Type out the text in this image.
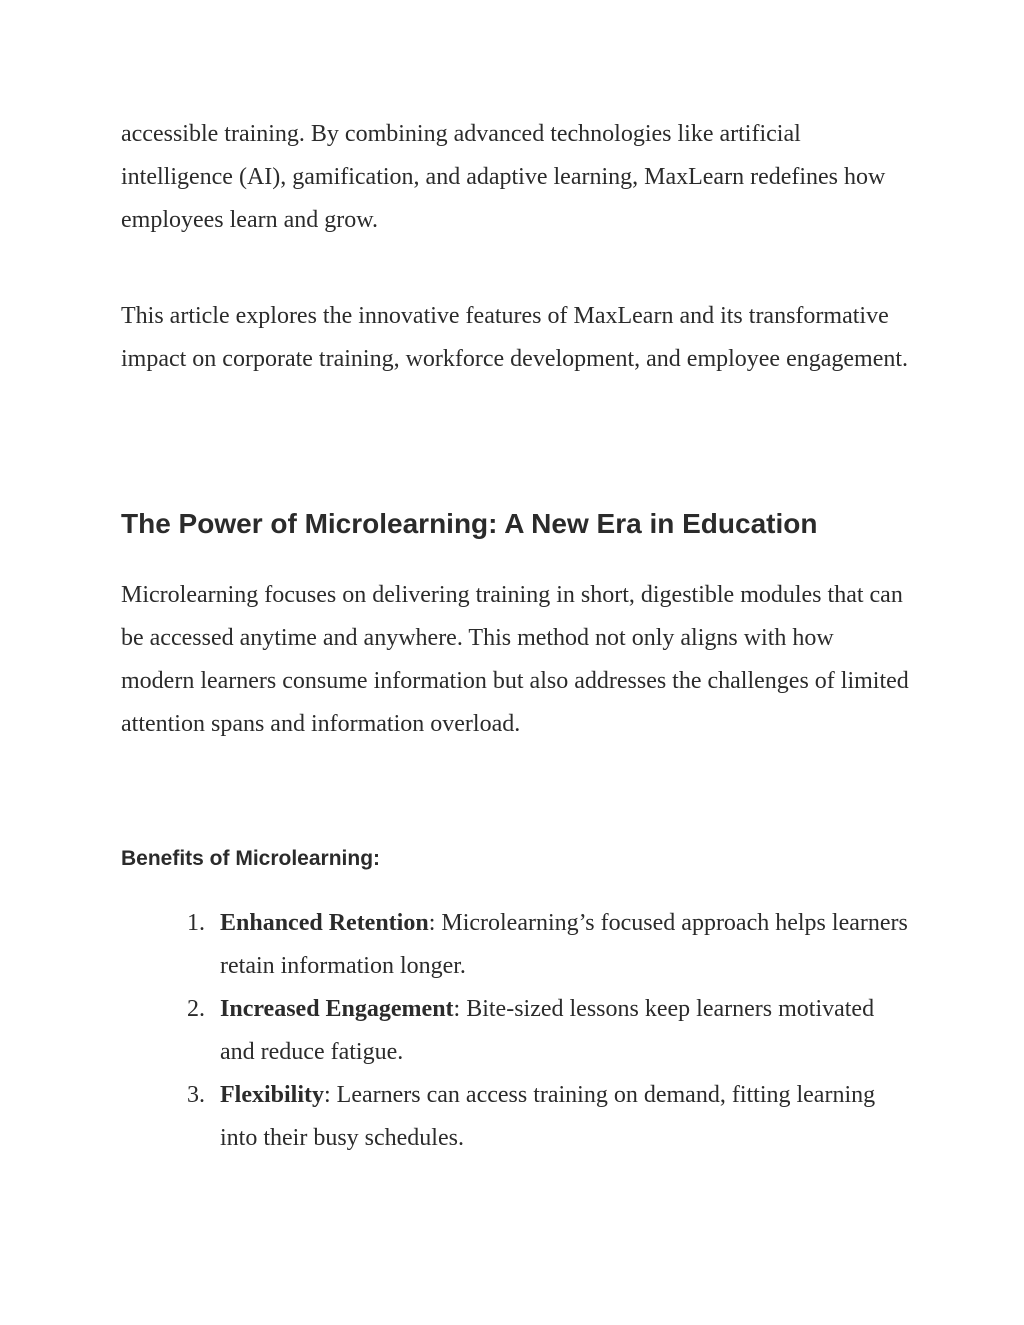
accessible training. By combining advanced technologies like artificial intelligence (AI), gamification, and adaptive learning, MaxLearn redefines how employees learn and grow.

This article explores the innovative features of MaxLearn and its transformative impact on corporate training, workforce development, and employee engagement.

The Power of Microlearning: A New Era in Education

Microlearning focuses on delivering training in short, digestible modules that can be accessed anytime and anywhere. This method not only aligns with how modern learners consume information but also addresses the challenges of limited attention spans and information overload.

Benefits of Microlearning:
1. Enhanced Retention: Microlearning’s focused approach helps learners retain information longer.
2. Increased Engagement: Bite-sized lessons keep learners motivated and reduce fatigue.
3. Flexibility: Learners can access training on demand, fitting learning into their busy schedules.
